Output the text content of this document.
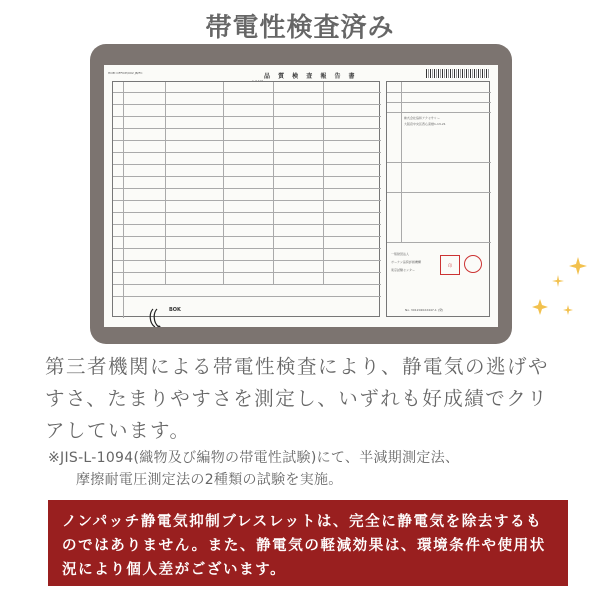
帯電性検査済み
HOEI OFFICE/002 JB/FC	品 質 検 査 報 告 書
1.7.101
BOK
株式会社協和アクセサリー
大阪府中央区西心斎橋1-13-21
一般財団法人
ボーケン品質評価機構
東京試験センター
No. 301202022447-1 (発)
印

第三者機関による帯電性検査により、静電気の逃げやすさ、たまりやすさを測定し、いずれも好成績でクリアしています。

※JIS-L-1094(織物及び編物の帯電性試験)にて、半減期測定法、
摩擦耐電圧測定法の2種類の試験を実施。

ノンパッチ静電気抑制ブレスレットは、完全に静電気を除去するものではありません。また、静電気の軽減効果は、環境条件や使用状況により個人差がございます。
